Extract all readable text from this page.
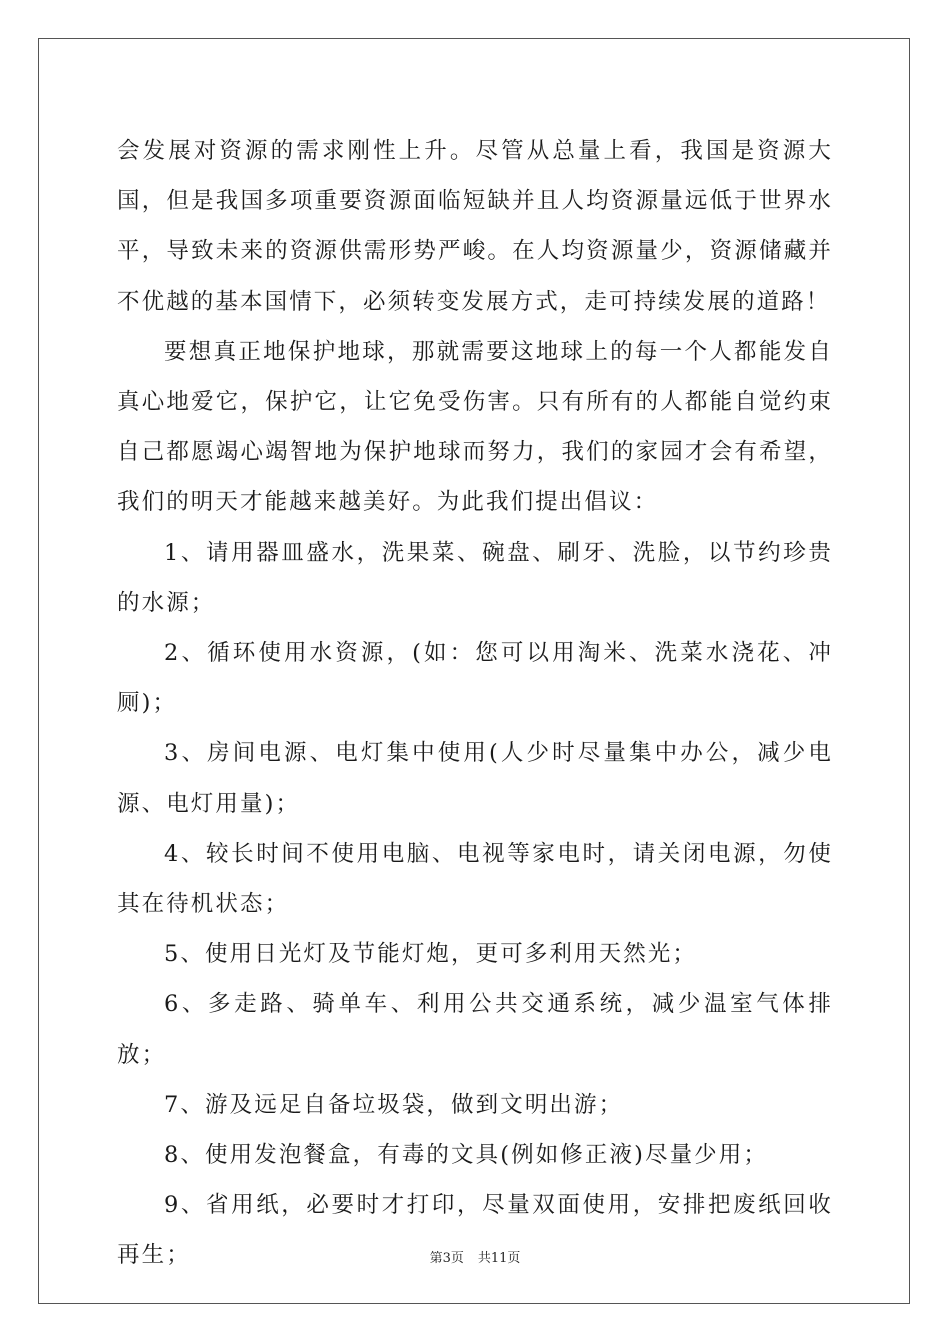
会发展对资源的需求刚性上升。尽管从总量上看，我国是资源大国，但是我国多项重要资源面临短缺并且人均资源量远低于世界水平，导致未来的资源供需形势严峻。在人均资源量少，资源储藏并不优越的基本国情下，必须转变发展方式，走可持续发展的道路！

要想真正地保护地球，那就需要这地球上的每一个人都能发自真心地爱它，保护它，让它免受伤害。只有所有的人都能自觉约束自己都愿竭心竭智地为保护地球而努力，我们的家园才会有希望，我们的明天才能越来越美好。为此我们提出倡议：

1、请用器皿盛水，洗果菜、碗盘、刷牙、洗脸，以节约珍贵的水源；

2、循环使用水资源，(如：您可以用淘米、洗菜水浇花、冲厕)；

3、房间电源、电灯集中使用(人少时尽量集中办公，减少电源、电灯用量)；

4、较长时间不使用电脑、电视等家电时，请关闭电源，勿使其在待机状态；

5、使用日光灯及节能灯炮，更可多利用天然光；

6、多走路、骑单车、利用公共交通系统，减少温室气体排放；

7、游及远足自备垃圾袋，做到文明出游；

8、使用发泡餐盒，有毒的文具(例如修正液)尽量少用；

9、省用纸，必要时才打印，尽量双面使用，安排把废纸回收再生；	第3页 共11页
